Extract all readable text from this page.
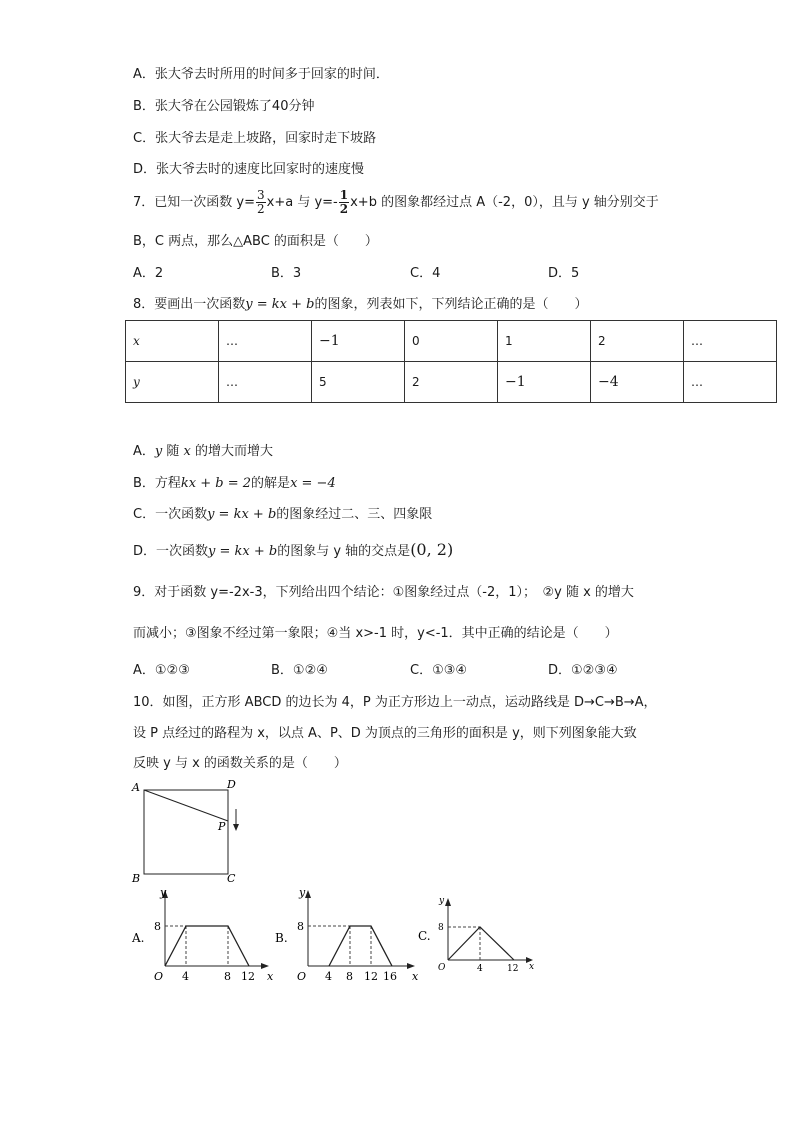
A．张大爷去时所用的时间多于回家的时间．
B．张大爷在公园锻炼了40分钟
C．张大爷去是走上坡路，回家时走下坡路
D．张大爷去时的速度比回家时的速度慢
7．已知一次函数 $y= \frac{3}{2} x+a$ 与 $y=- \frac{1}{2} x+b$ 的图象都经过点 A（-2，0），且与 y 轴分别交于
B，C 两点，那么△ABC 的面积是（　　）
A．2	B．3	C．4	D．5
8．要画出一次函数y = kx + b的图象，列表如下，下列结论正确的是（　　）
x	…	−1	0	1	2	…
y	…	5	2	−1	−4	…
A．y 随 x 的增大而增大
B．方程kx + b = 2的解是x = −4
C．一次函数y = kx + b的图象经过二、三、四象限
D．一次函数y = kx + b的图象与 y 轴的交点是(0, 2)
9．对于函数 y=-2x-3，下列给出四个结论：①图象经过点（-2，1）；　②y 随 x 的增大
而减小；③图象不经过第一象限；④当 x>-1 时，y<-1．其中正确的结论是（　　）
A．①②③	B．①②④	C．①③④	D．①②③④
10．如图，正方形 ABCD 的边长为 4，P 为正方形边上一动点，运动路线是 D→C→B→A，
设 P 点经过的路程为 x，以点 A、P、D 为顶点的三角形的面积是 y，则下列图象能大致
反映 y 与 x 的函数关系的是（　　）
A	D
P
B	C
A.
y
x
O
8
4	8 12
B.
y
x
O
8
4 8 12 16
C.
y
x
O
8
4	12
